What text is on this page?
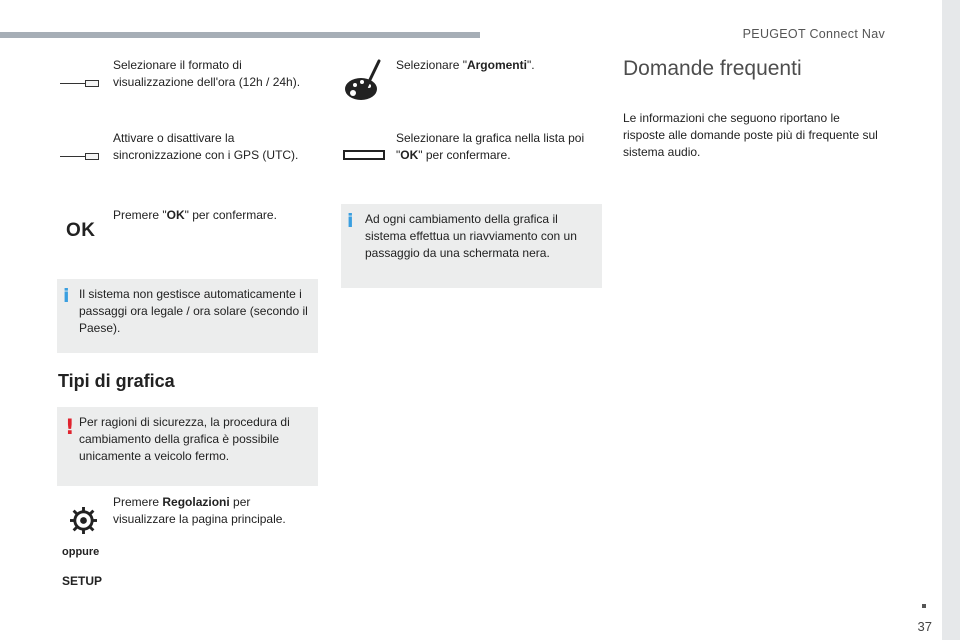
PEUGEOT Connect Nav
37
Selezionare il formato di visualizzazione dell'ora (12h / 24h).
Attivare o disattivare la sincronizzazione con i GPS (UTC).
OK
Premere "OK" per confermare.
i Il sistema non gestisce automaticamente i passaggi ora legale / ora solare (secondo il Paese).
Tipi di grafica
! Per ragioni di sicurezza, la procedura di cambiamento della grafica è possibile unicamente a veicolo fermo.
Premere Regolazioni per visualizzare la pagina principale.
oppure
SETUP
Selezionare "Argomenti".
Selezionare la grafica nella lista poi "OK" per confermare.
i Ad ogni cambiamento della grafica il sistema effettua un riavviamento con un passaggio da una schermata nera.
Domande frequenti
Le informazioni che seguono riportano le risposte alle domande poste più di frequente sul sistema audio.
